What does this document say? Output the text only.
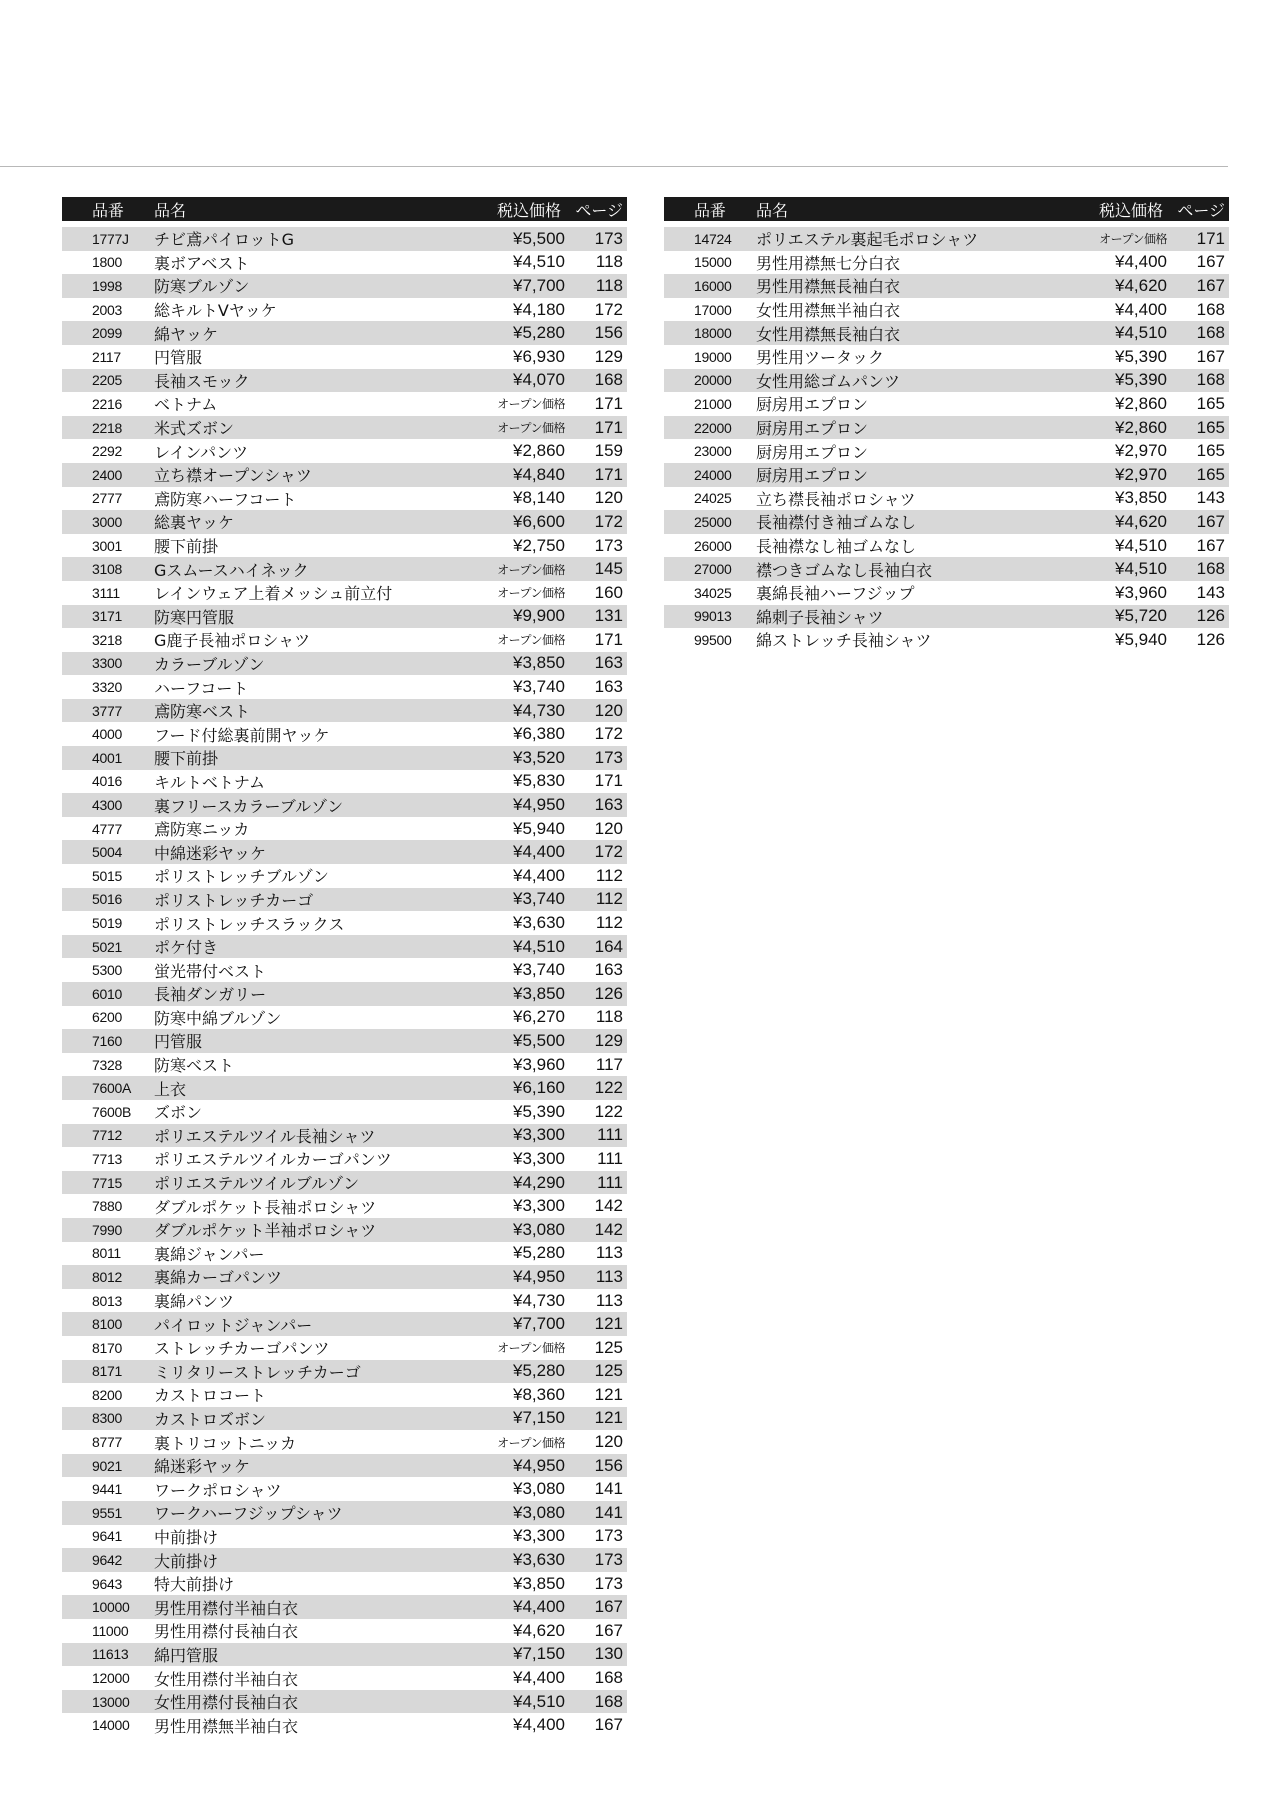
品番	品名	税込価格 ページ
1777J	チビ鳶パイロットG	¥5,500	173
1800	裏ボアベスト	¥4,510	118
1998	防寒ブルゾン	¥7,700	118
2003	総キルトVヤッケ	¥4,180	172
2099	綿ヤッケ	¥5,280	156
2117	円管服	¥6,930	129
2205	長袖スモック	¥4,070	168
2216	ベトナム	オープン価格	171
2218	米式ズボン	オープン価格	171
2292	レインパンツ	¥2,860	159
2400	立ち襟オープンシャツ	¥4,840	171
2777	鳶防寒ハーフコート	¥8,140	120
3000	総裏ヤッケ	¥6,600	172
3001	腰下前掛	¥2,750	173
3108	Gスムースハイネック	オープン価格	145
3111	レインウェア上着メッシュ前立付	オープン価格	160
3171	防寒円管服	¥9,900	131
3218	G鹿子長袖ポロシャツ	オープン価格	171
3300	カラーブルゾン	¥3,850	163
3320	ハーフコート	¥3,740	163
3777	鳶防寒ベスト	¥4,730	120
4000	フード付総裏前開ヤッケ	¥6,380	172
4001	腰下前掛	¥3,520	173
4016	キルトベトナム	¥5,830	171
4300	裏フリースカラーブルゾン	¥4,950	163
4777	鳶防寒ニッカ	¥5,940	120
5004	中綿迷彩ヤッケ	¥4,400	172
5015	ポリストレッチブルゾン	¥4,400	112
5016	ポリストレッチカーゴ	¥3,740	112
5019	ポリストレッチスラックス	¥3,630	112
5021	ポケ付き	¥4,510	164
5300	蛍光帯付ベスト	¥3,740	163
6010	長袖ダンガリー	¥3,850	126
6200	防寒中綿ブルゾン	¥6,270	118
7160	円管服	¥5,500	129
7328	防寒ベスト	¥3,960	117
7600A	上衣	¥6,160	122
7600B	ズボン	¥5,390	122
7712	ポリエステルツイル長袖シャツ	¥3,300	111
7713	ポリエステルツイルカーゴパンツ	¥3,300	111
7715	ポリエステルツイルブルゾン	¥4,290	111
7880	ダブルポケット長袖ポロシャツ	¥3,300	142
7990	ダブルポケット半袖ポロシャツ	¥3,080	142
8011	裏綿ジャンパー	¥5,280	113
8012	裏綿カーゴパンツ	¥4,950	113
8013	裏綿パンツ	¥4,730	113
8100	パイロットジャンパー	¥7,700	121
8170	ストレッチカーゴパンツ	オープン価格	125
8171	ミリタリーストレッチカーゴ	¥5,280	125
8200	カストロコート	¥8,360	121
8300	カストロズボン	¥7,150	121
8777	裏トリコットニッカ	オープン価格	120
9021	綿迷彩ヤッケ	¥4,950	156
9441	ワークポロシャツ	¥3,080	141
9551	ワークハーフジップシャツ	¥3,080	141
9641	中前掛け	¥3,300	173
9642	大前掛け	¥3,630	173
9643	特大前掛け	¥3,850	173
10000	男性用襟付半袖白衣	¥4,400	167
11000	男性用襟付長袖白衣	¥4,620	167
11613	綿円管服	¥7,150	130
12000	女性用襟付半袖白衣	¥4,400	168
13000	女性用襟付長袖白衣	¥4,510	168
14000	男性用襟無半袖白衣	¥4,400	167
品番	品名	税込価格 ページ
14724	ポリエステル裏起毛ポロシャツ	オープン価格	171
15000	男性用襟無七分白衣	¥4,400	167
16000	男性用襟無長袖白衣	¥4,620	167
17000	女性用襟無半袖白衣	¥4,400	168
18000	女性用襟無長袖白衣	¥4,510	168
19000	男性用ツータック	¥5,390	167
20000	女性用総ゴムパンツ	¥5,390	168
21000	厨房用エプロン	¥2,860	165
22000	厨房用エプロン	¥2,860	165
23000	厨房用エプロン	¥2,970	165
24000	厨房用エプロン	¥2,970	165
24025	立ち襟長袖ポロシャツ	¥3,850	143
25000	長袖襟付き袖ゴムなし	¥4,620	167
26000	長袖襟なし袖ゴムなし	¥4,510	167
27000	襟つきゴムなし長袖白衣	¥4,510	168
34025	裏綿長袖ハーフジップ	¥3,960	143
99013	綿刺子長袖シャツ	¥5,720	126
99500	綿ストレッチ長袖シャツ	¥5,940	126
